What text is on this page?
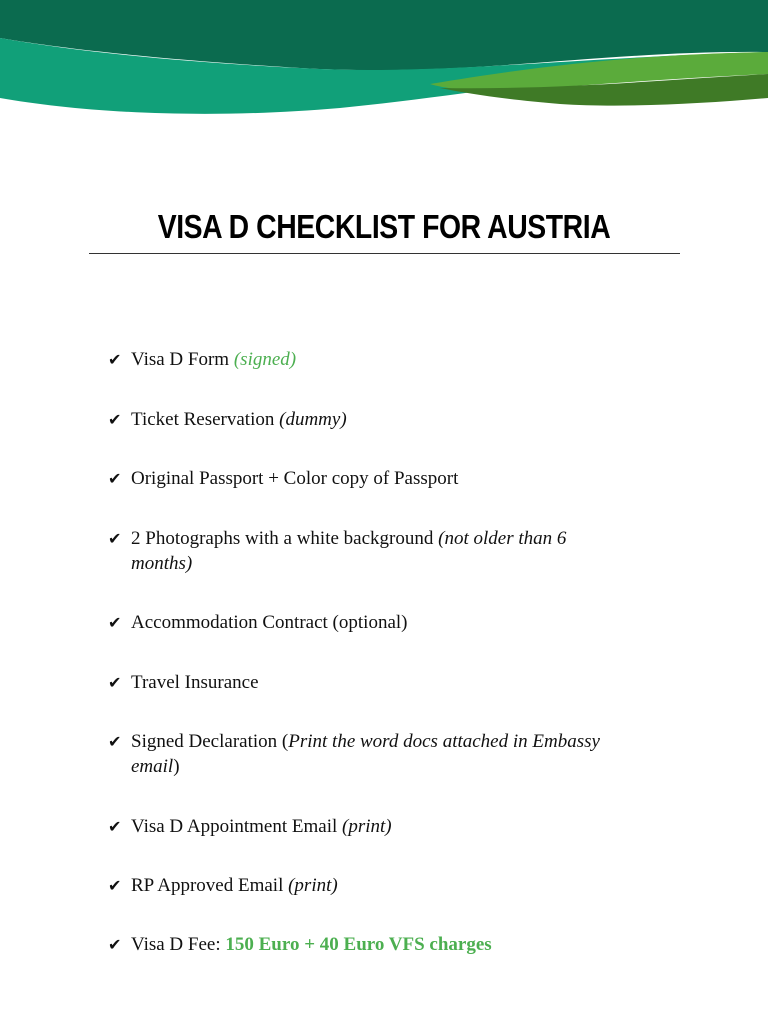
VISA D CHECKLIST FOR AUSTRIA
✔ Visa D Form (signed)
✔ Ticket Reservation (dummy)
✔ Original Passport + Color copy of Passport
✔ 2 Photographs with a white background (not older than 6 months)
✔ Accommodation Contract (optional)
✔ Travel Insurance
✔ Signed Declaration (Print the word docs attached in Embassy email)
✔ Visa D Appointment Email (print)
✔ RP Approved Email (print)
✔ Visa D Fee: 150 Euro + 40 Euro VFS charges
